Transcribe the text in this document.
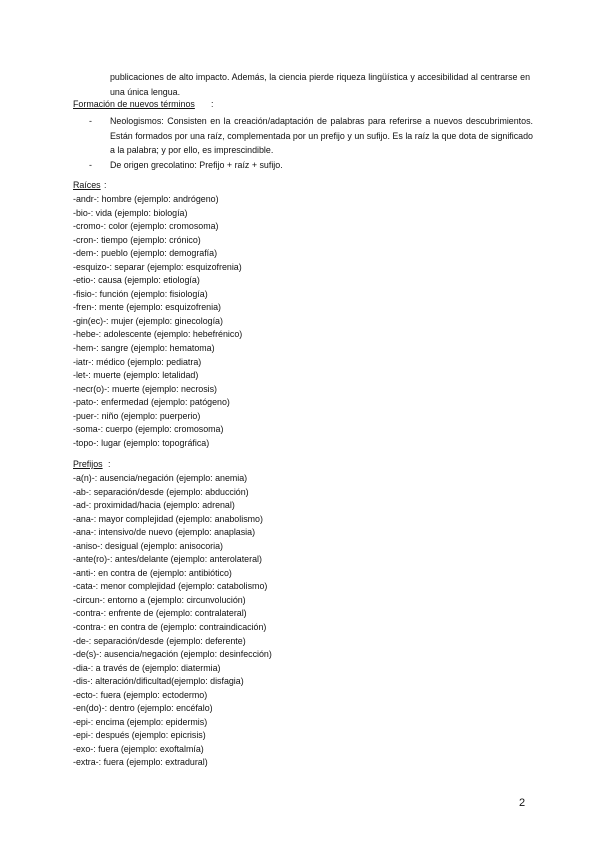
publicaciones de alto impacto. Además, la ciencia pierde riqueza lingüística y accesibilidad al centrarse en una única lengua.
Formación de nuevos términos :
-	Neologismos: Consisten en la creación/adaptación de palabras para referirse a nuevos descubrimientos. Están formados por una raíz, complementada por un prefijo y un sufijo. Es la raíz la que dota de significado a la palabra; y por ello, es imprescindible.
-	De origen grecolatino: Prefijo + raíz + sufijo.
Raíces :
-andr-: hombre (ejemplo: andrógeno)
-bio-: vida (ejemplo: biología)
-cromo-: color (ejemplo: cromosoma)
-cron-: tiempo (ejemplo: crónico)
-dem-: pueblo (ejemplo: demografía)
-esquizo-: separar (ejemplo: esquizofrenia)
-etio-: causa (ejemplo: etiología)
-fisio-: función (ejemplo: fisiología)
-fren-: mente (ejemplo: esquizofrenia)
-gin(ec)-: mujer (ejemplo: ginecología)
-hebe-: adolescente (ejemplo: hebefrénico)
-hem-: sangre (ejemplo: hematoma)
-iatr-: médico (ejemplo: pediatra)
-let-: muerte (ejemplo: letalidad)
-necr(o)-: muerte (ejemplo: necrosis)
-pato-: enfermedad (ejemplo: patógeno)
-puer-: niño (ejemplo: puerperio)
-soma-: cuerpo (ejemplo: cromosoma)
-topo-: lugar (ejemplo: topográfica)
Prefijos :
-a(n)-: ausencia/negación (ejemplo: anemia)
-ab-: separación/desde (ejemplo: abducción)
-ad-: proximidad/hacia (ejemplo: adrenal)
-ana-: mayor complejidad (ejemplo: anabolismo)
-ana-: intensivo/de nuevo (ejemplo: anaplasia)
-aniso-: desigual (ejemplo: anisocoria)
-ante(ro)-: antes/delante (ejemplo: anterolateral)
-anti-: en contra de (ejemplo: antibiótico)
-cata-: menor complejidad (ejemplo: catabolismo)
-circun-: entorno a (ejemplo: circunvolución)
-contra-: enfrente de (ejemplo: contralateral)
-contra-: en contra de (ejemplo: contraindicación)
-de-: separación/desde (ejemplo: deferente)
-de(s)-: ausencia/negación (ejemplo: desinfección)
-dia-: a través de (ejemplo: diatermia)
-dis-: alteración/dificultad(ejemplo: disfagia)
-ecto-: fuera (ejemplo: ectodermo)
-en(do)-: dentro (ejemplo: encéfalo)
-epi-: encima (ejemplo: epidermis)
-epi-: después (ejemplo: epicrisis)
-exo-: fuera (ejemplo: exoftalmía)
-extra-: fuera (ejemplo: extradural)
2
